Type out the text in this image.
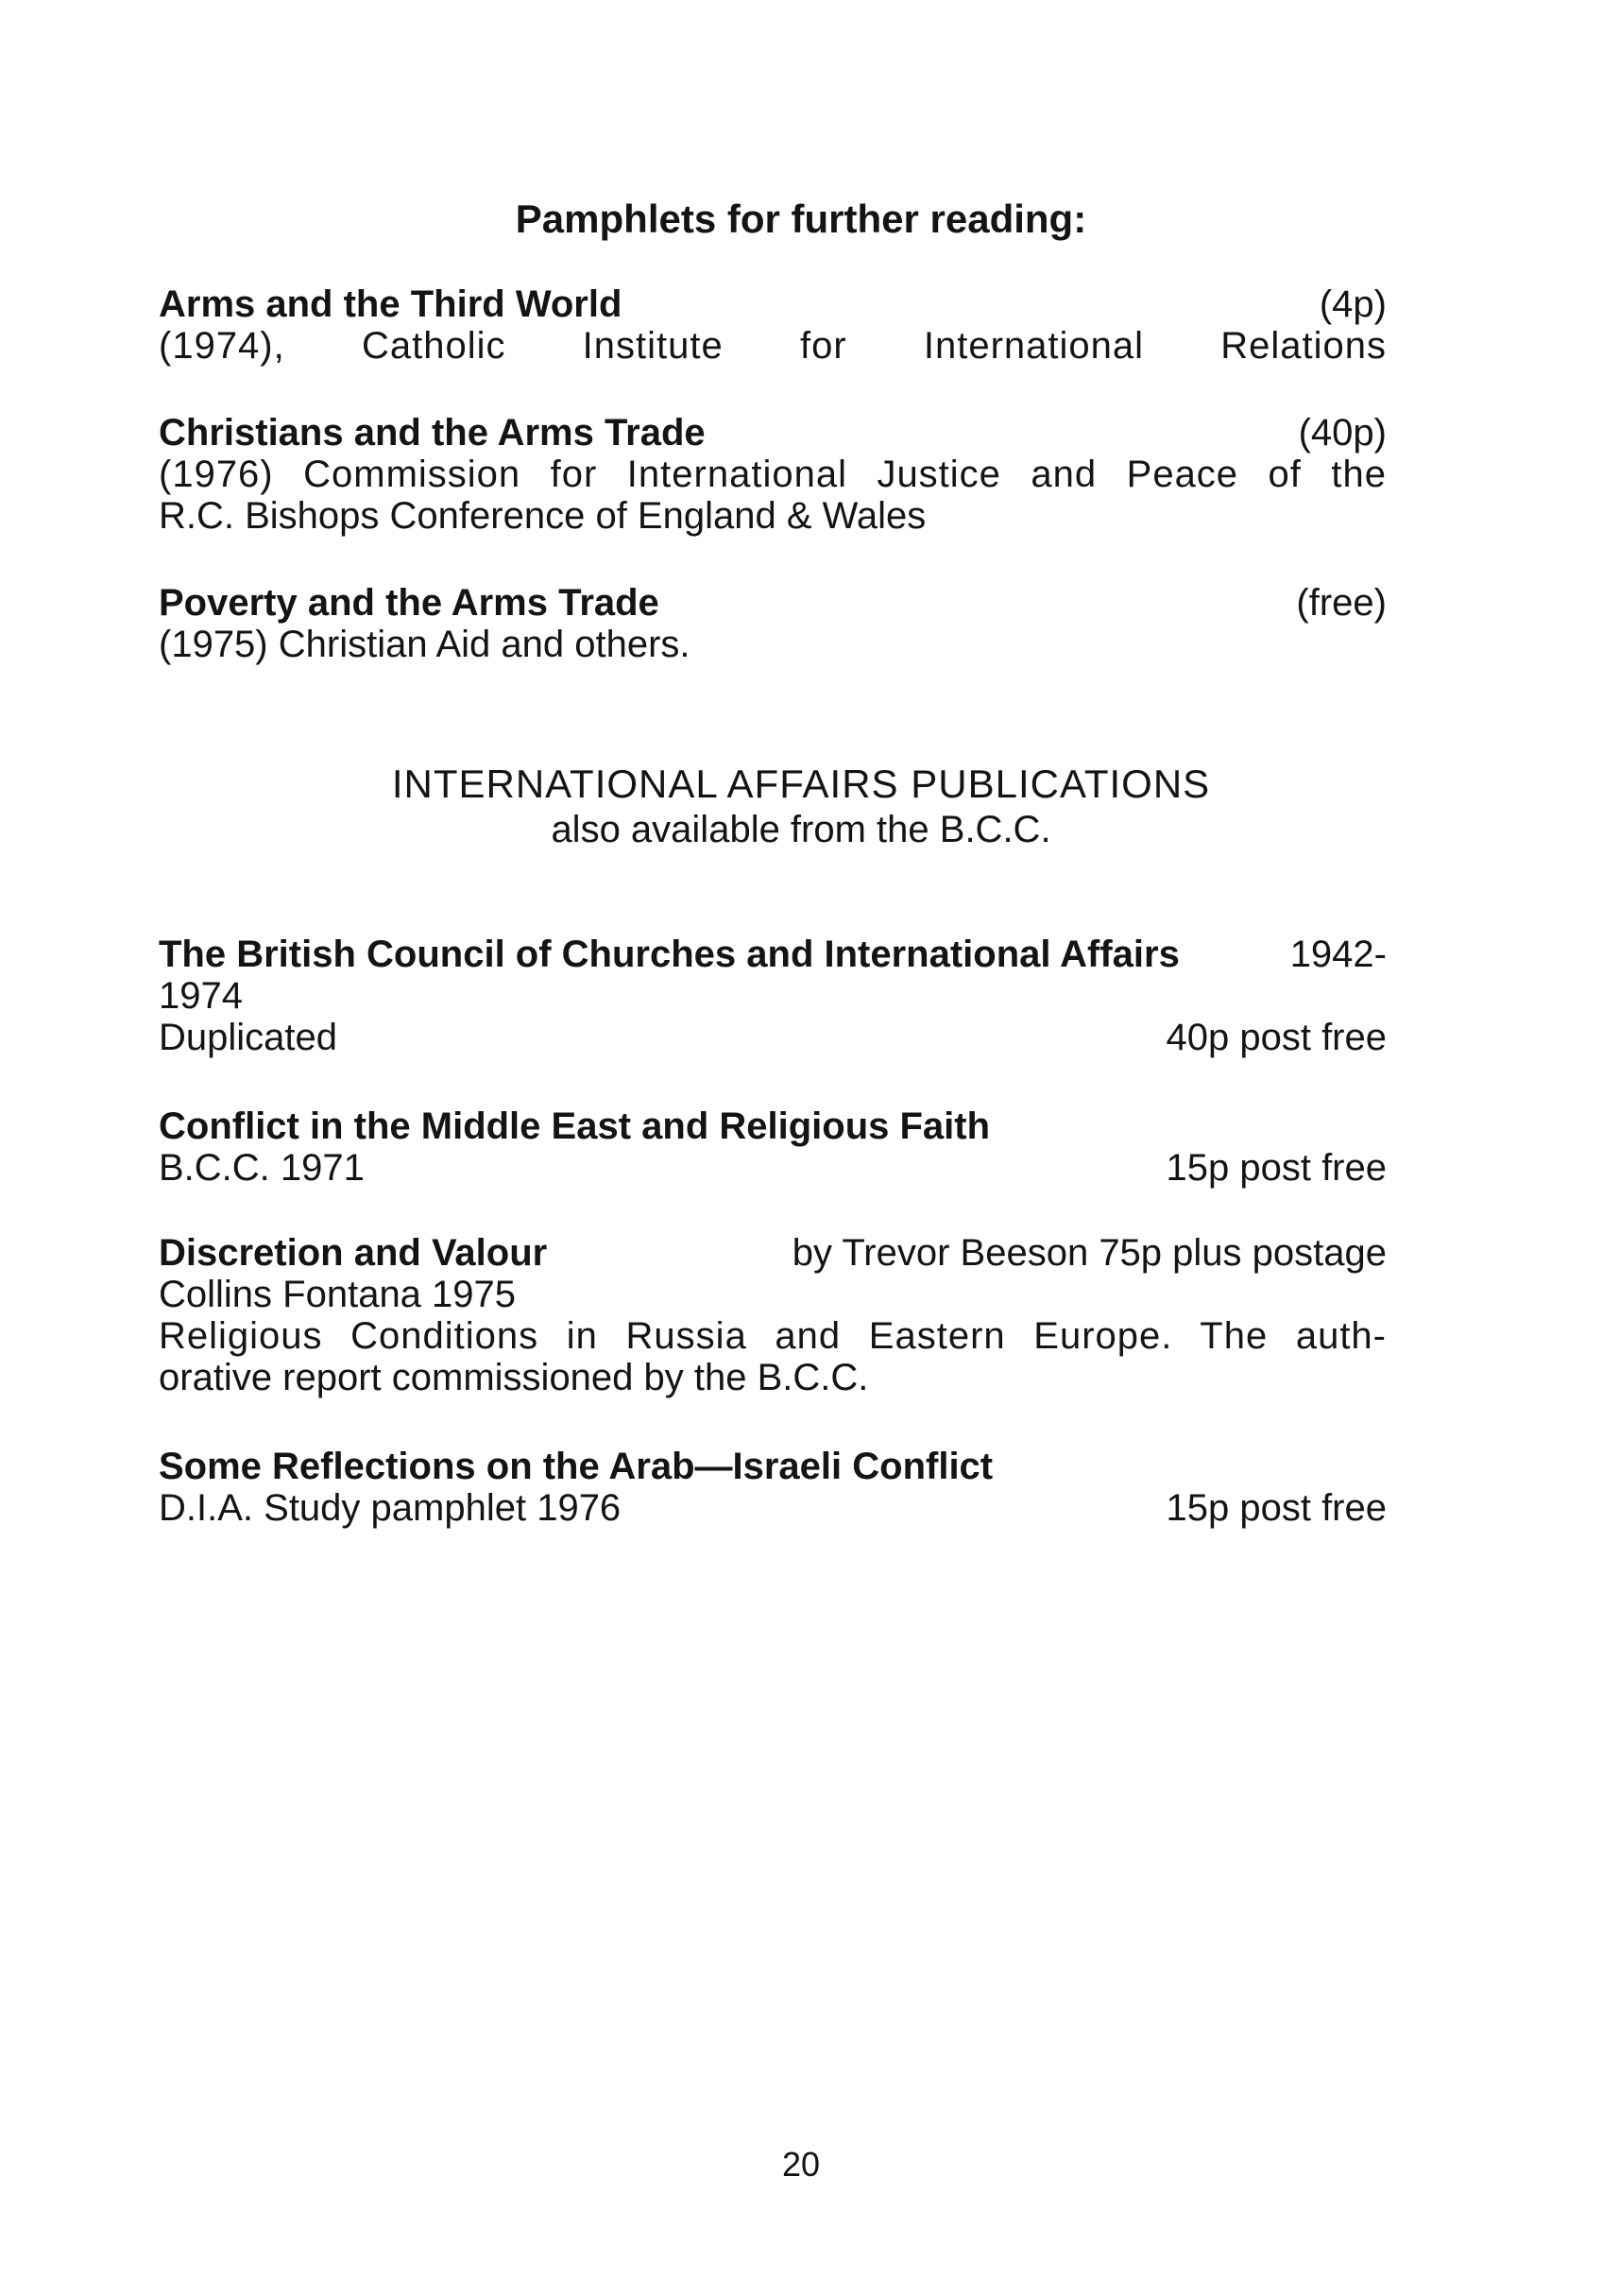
Pamphlets for further reading:
Arms and the Third World	(4p)
(1974), Catholic Institute for International Relations
Christians and the Arms Trade	(40p)
(1976) Commission for International Justice and Peace of the
R.C. Bishops Conference of England & Wales
Poverty and the Arms Trade	(free)
(1975) Christian Aid and others.
INTERNATIONAL AFFAIRS PUBLICATIONS
also available from the B.C.C.
The British Council of Churches and International Affairs	1942-
1974
Duplicated	40p post free
Conflict in the Middle East and Religious Faith
B.C.C. 1971	15p post free
Discretion and Valour	by Trevor Beeson 75p plus postage
Collins Fontana 1975
Religious Conditions in Russia and Eastern Europe. The auth-
orative report commissioned by the B.C.C.
Some Reflections on the Arab—Israeli Conflict
D.I.A. Study pamphlet 1976	15p post free
20
